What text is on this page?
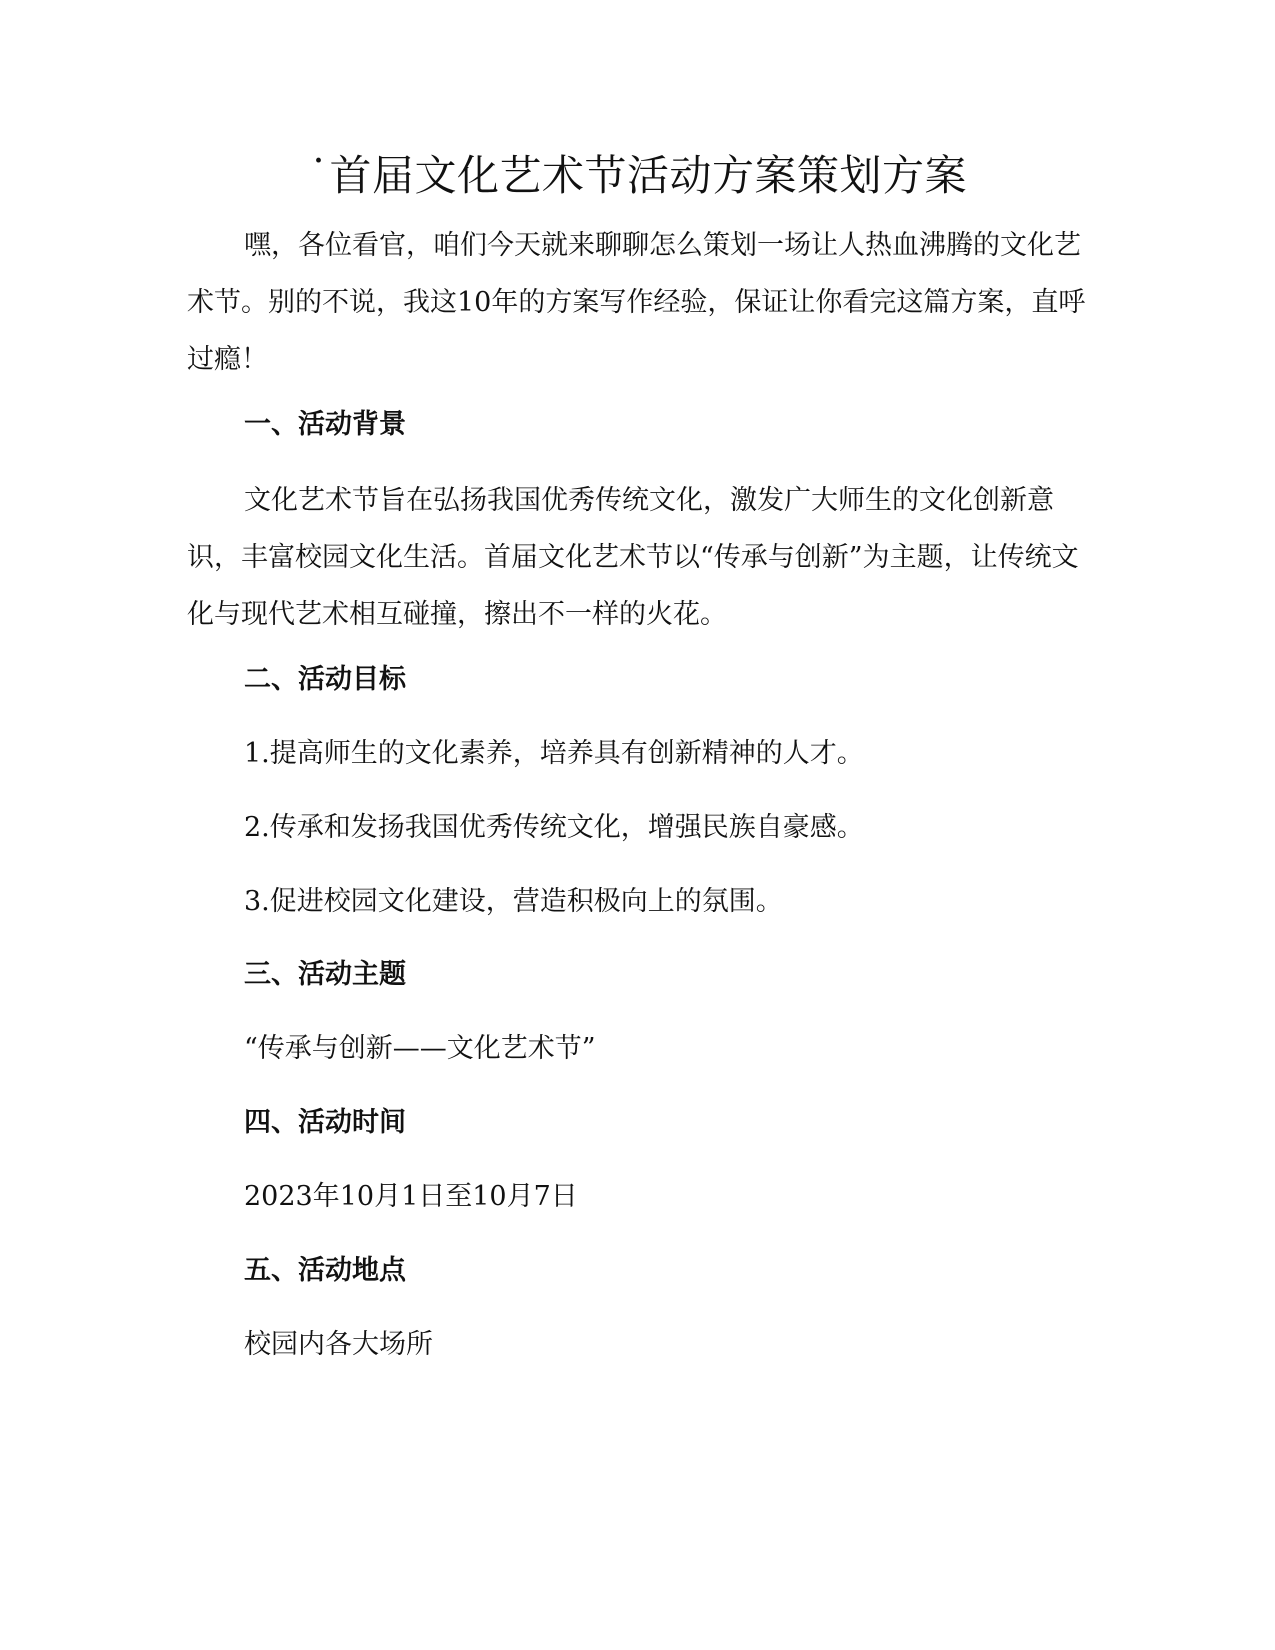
˙首届文化艺术节活动方案策划方案

嘿，各位看官，咱们今天就来聊聊怎么策划一场让人热血沸腾的文化艺术节。别的不说，我这10年的方案写作经验，保证让你看完这篇方案，直呼过瘾！

一、活动背景

文化艺术节旨在弘扬我国优秀传统文化，激发广大师生的文化创新意识，丰富校园文化生活。首届文化艺术节以“传承与创新”为主题，让传统文化与现代艺术相互碰撞，擦出不一样的火花。

二、活动目标

1.提高师生的文化素养，培养具有创新精神的人才。

2.传承和发扬我国优秀传统文化，增强民族自豪感。

3.促进校园文化建设，营造积极向上的氛围。

三、活动主题

“传承与创新——文化艺术节”

四、活动时间

2023年10月1日至10月7日

五、活动地点

校园内各大场所
